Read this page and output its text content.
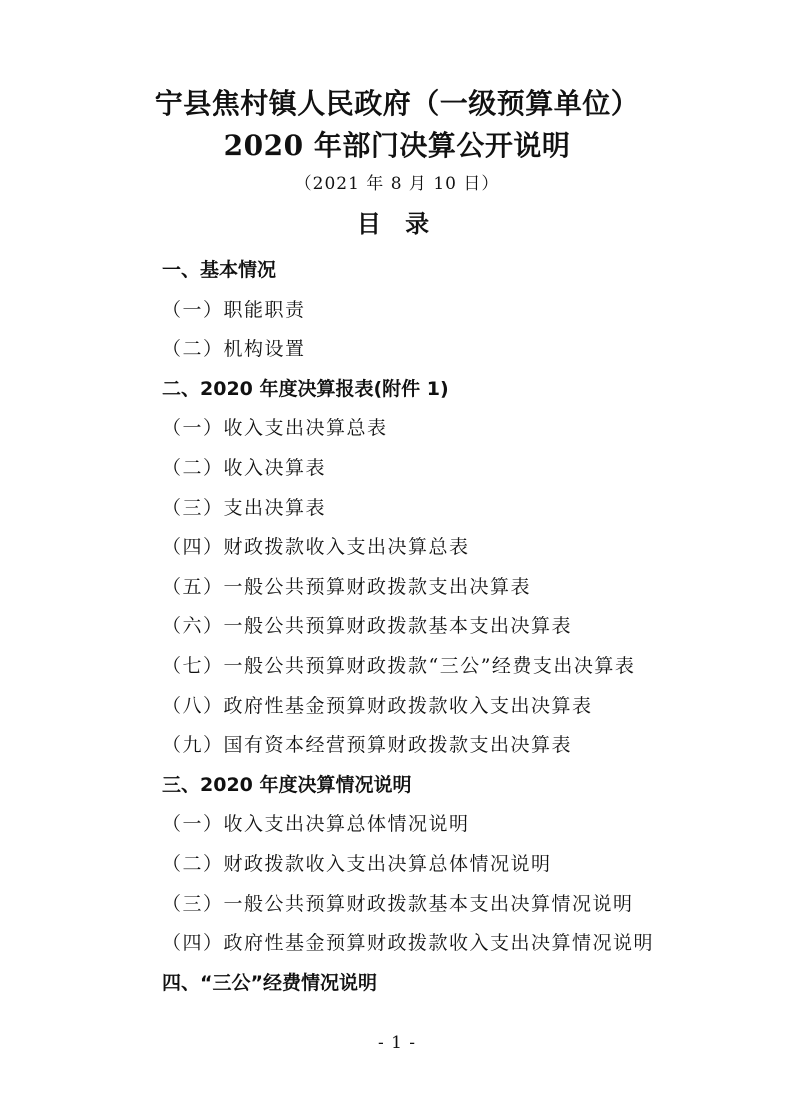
宁县焦村镇人民政府（一级预算单位）
2020 年部门决算公开说明
（2021 年 8 月 10 日）
目 录
一、基本情况
（一）职能职责
（二）机构设置
二、2020 年度决算报表(附件 1)
（一）收入支出决算总表
（二）收入决算表
（三）支出决算表
（四）财政拨款收入支出决算总表
（五）一般公共预算财政拨款支出决算表
（六）一般公共预算财政拨款基本支出决算表
（七）一般公共预算财政拨款“三公”经费支出决算表
（八）政府性基金预算财政拨款收入支出决算表
（九）国有资本经营预算财政拨款支出决算表
三、2020 年度决算情况说明
（一）收入支出决算总体情况说明
（二）财政拨款收入支出决算总体情况说明
（三）一般公共预算财政拨款基本支出决算情况说明
（四）政府性基金预算财政拨款收入支出决算情况说明
四、“三公”经费情况说明
- 1 -
